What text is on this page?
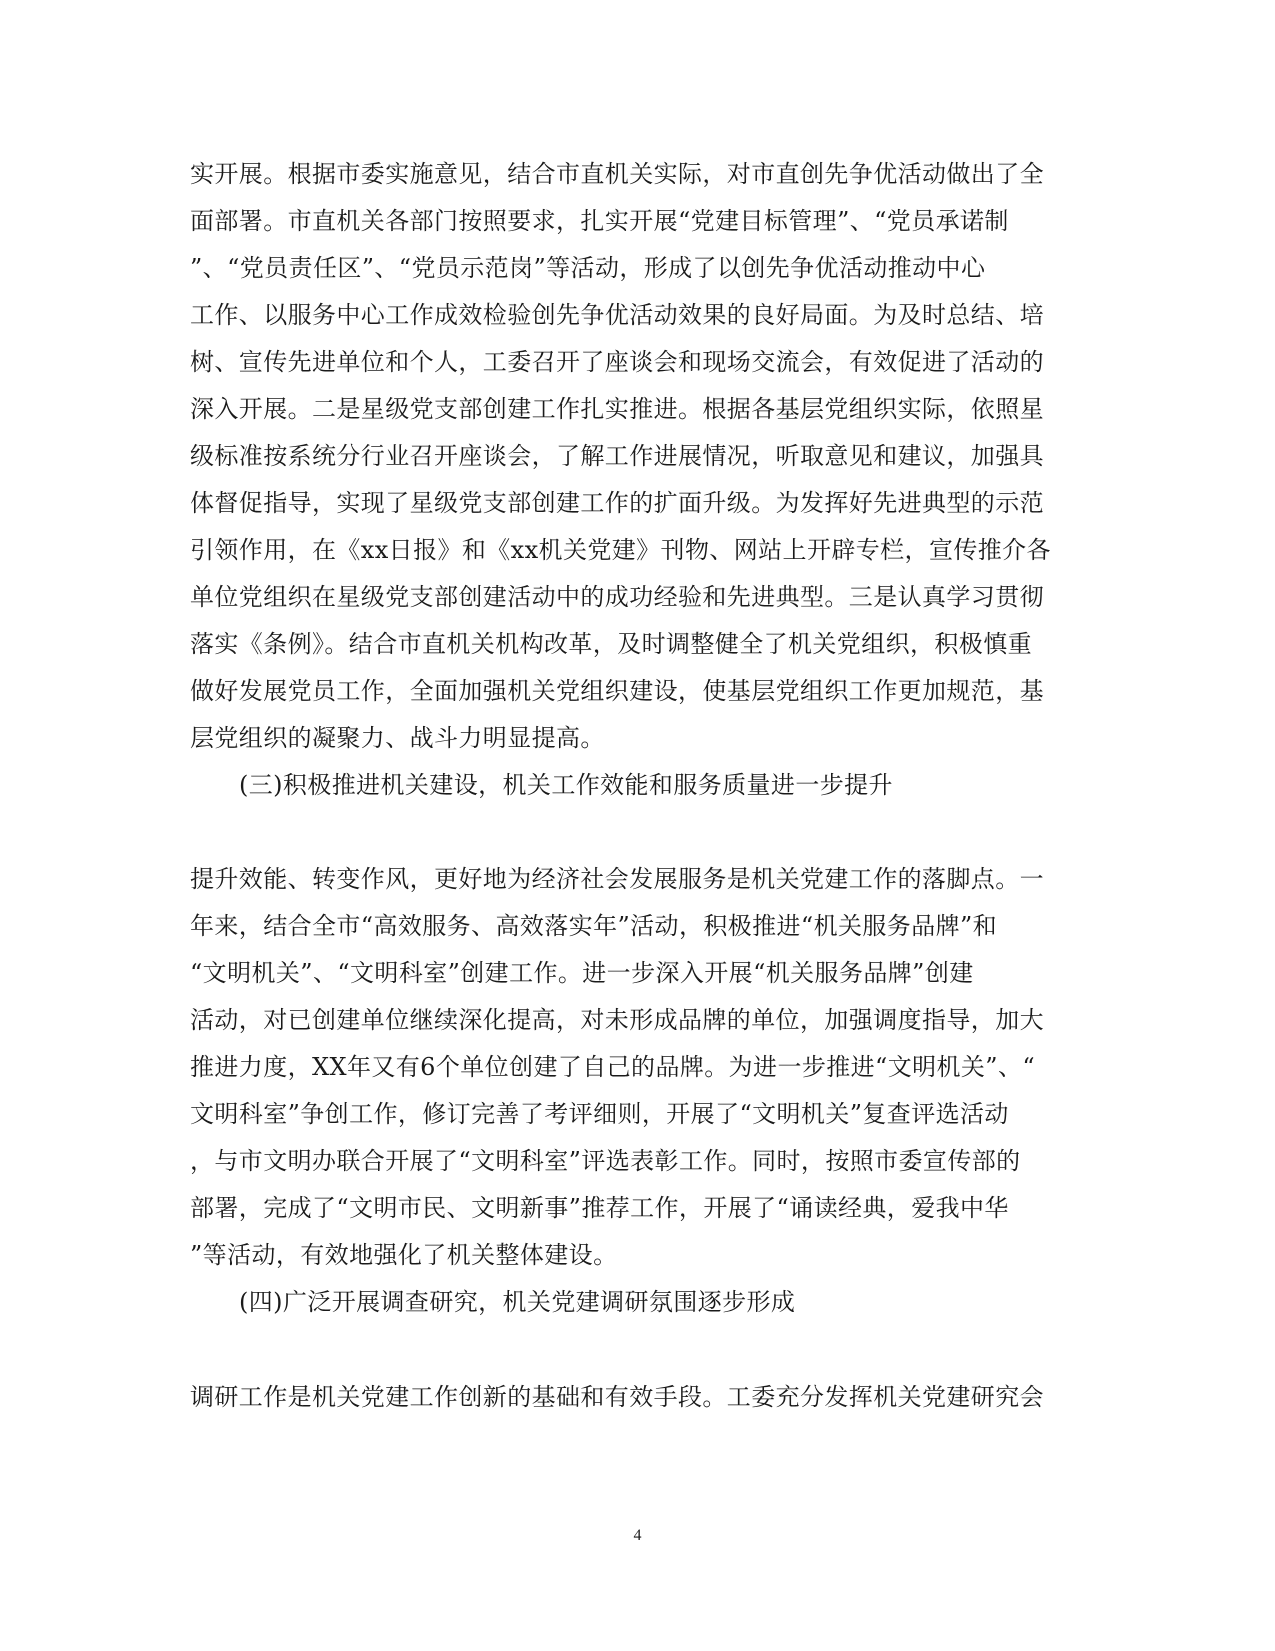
实开展。根据市委实施意见，结合市直机关实际，对市直创先争优活动做出了全
面部署。市直机关各部门按照要求，扎实开展“党建目标管理”、“党员承诺制
”、“党员责任区”、“党员示范岗”等活动，形成了以创先争优活动推动中心
工作、以服务中心工作成效检验创先争优活动效果的良好局面。为及时总结、培
树、宣传先进单位和个人，工委召开了座谈会和现场交流会，有效促进了活动的
深入开展。二是星级党支部创建工作扎实推进。根据各基层党组织实际，依照星
级标准按系统分行业召开座谈会，了解工作进展情况，听取意见和建议，加强具
体督促指导，实现了星级党支部创建工作的扩面升级。为发挥好先进典型的示范
引领作用，在《xx日报》和《xx机关党建》刊物、网站上开辟专栏，宣传推介各
单位党组织在星级党支部创建活动中的成功经验和先进典型。三是认真学习贯彻
落实《条例》。结合市直机关机构改革，及时调整健全了机关党组织，积极慎重
做好发展党员工作，全面加强机关党组织建设，使基层党组织工作更加规范，基
层党组织的凝聚力、战斗力明显提高。
(三)积极推进机关建设，机关工作效能和服务质量进一步提升
提升效能、转变作风，更好地为经济社会发展服务是机关党建工作的落脚点。一
年来，结合全市“高效服务、高效落实年”活动，积极推进“机关服务品牌”和
“文明机关”、“文明科室”创建工作。进一步深入开展“机关服务品牌”创建
活动，对已创建单位继续深化提高，对未形成品牌的单位，加强调度指导，加大
推进力度，XX年又有6个单位创建了自己的品牌。为进一步推进“文明机关”、“
文明科室”争创工作，修订完善了考评细则，开展了“文明机关”复查评选活动
，与市文明办联合开展了“文明科室”评选表彰工作。同时，按照市委宣传部的
部署，完成了“文明市民、文明新事”推荐工作，开展了“诵读经典，爱我中华
”等活动，有效地强化了机关整体建设。
(四)广泛开展调查研究，机关党建调研氛围逐步形成
调研工作是机关党建工作创新的基础和有效手段。工委充分发挥机关党建研究会
4
